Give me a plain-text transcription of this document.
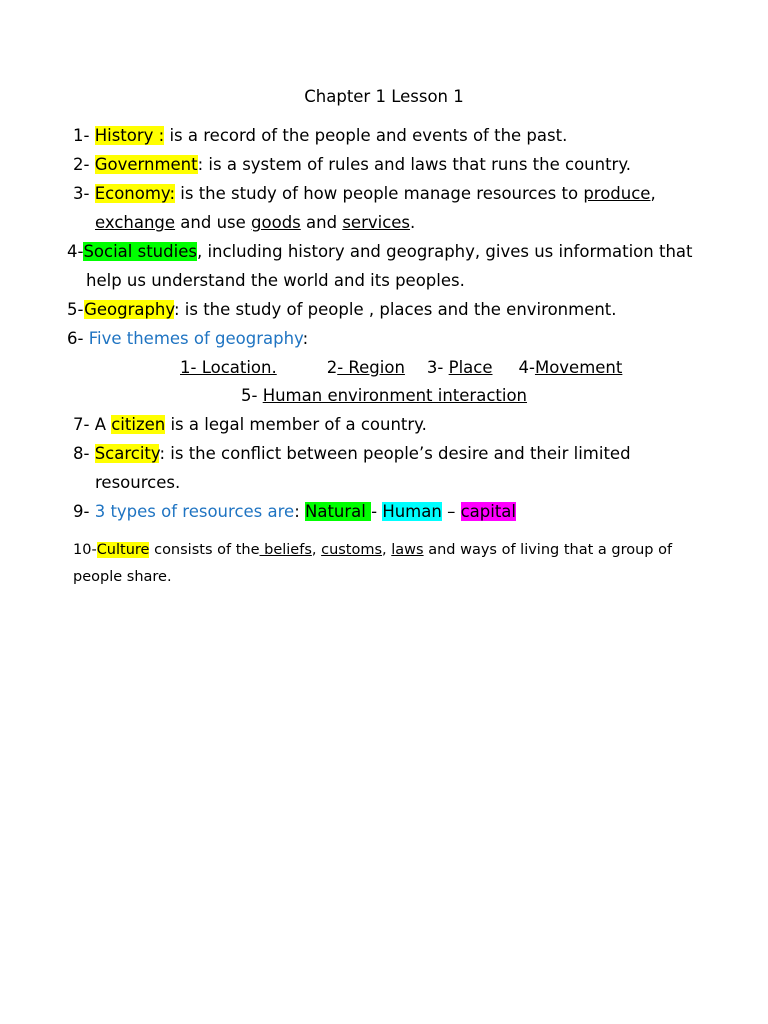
Chapter 1 Lesson 1
1- History : is a record of the people and events of the past.
2- Government: is a system of rules and laws that runs the country.
3- Economy: is the study of how people manage resources to produce,
exchange and use goods and services.
4-Social studies, including history and geography, gives us information that
help us understand the world and its peoples.
5-Geography: is the study of people , places and the environment.
6- Five themes of geography:
1- Location.	2- Region 3- Place 4-Movement
5- Human environment interaction
7- A citizen is a legal member of a country.
8- Scarcity: is the conflict between people’s desire and their limited
resources.
9- 3 types of resources are: Natural - Human – capital
10-Culture consists of the beliefs, customs, laws and ways of living that a group of
people share.
